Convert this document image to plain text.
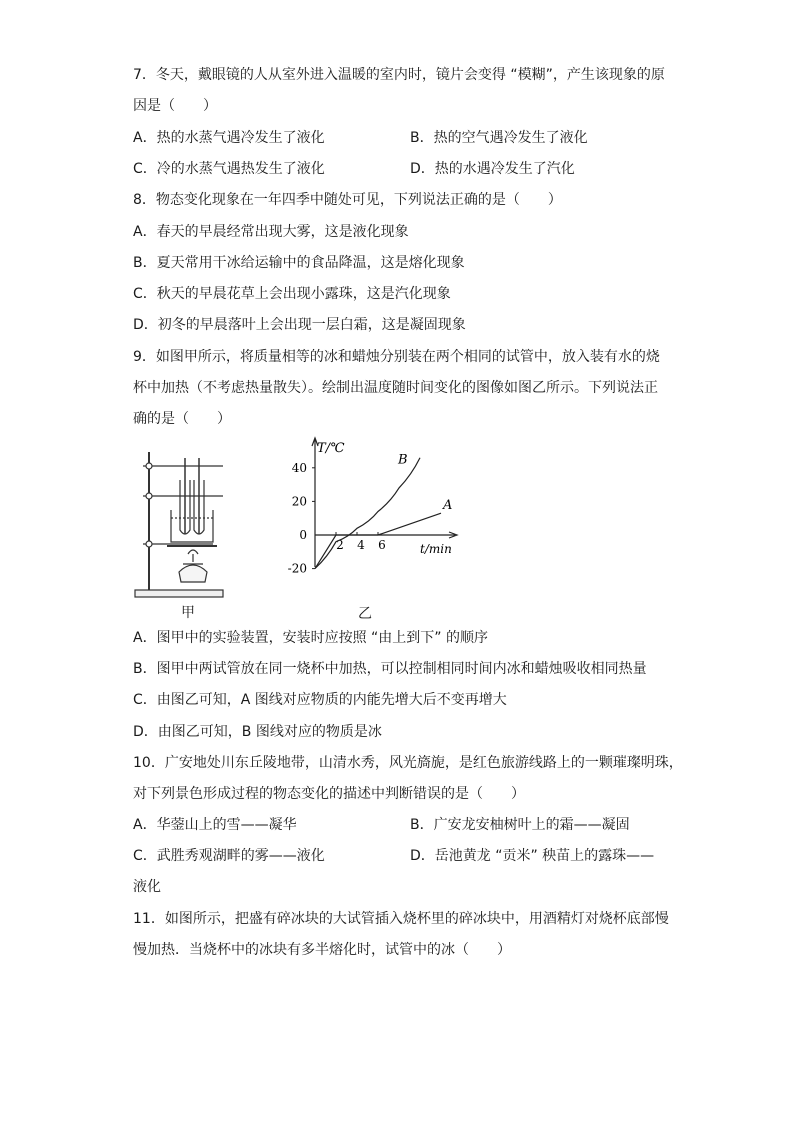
7．冬天，戴眼镜的人从室外进入温暖的室内时，镜片会变得 “模糊”，产生该现象的原
因是（　　）
A．热的水蒸气遇冷发生了液化	B．热的空气遇冷发生了液化
C．冷的水蒸气遇热发生了液化	D．热的水遇冷发生了汽化
8．物态变化现象在一年四季中随处可见，下列说法正确的是（　　）
A．春天的早晨经常出现大雾，这是液化现象
B．夏天常用干冰给运输中的食品降温，这是熔化现象
C．秋天的早晨花草上会出现小露珠，这是汽化现象
D．初冬的早晨落叶上会出现一层白霜，这是凝固现象
9．如图甲所示，将质量相等的冰和蜡烛分别装在两个相同的试管中，放入装有水的烧
杯中加热（不考虑热量散失）。绘制出温度随时间变化的图像如图乙所示。下列说法正
确的是（　　）
甲
T/℃
t/min
40
20
0
-20
2 4 6
A
B
乙
A．图甲中的实验装置，安装时应按照 “由上到下” 的顺序
B．图甲中两试管放在同一烧杯中加热，可以控制相同时间内冰和蜡烛吸收相同热量
C．由图乙可知，A 图线对应物质的内能先增大后不变再增大
D．由图乙可知，B 图线对应的物质是冰
10．广安地处川东丘陵地带，山清水秀，风光旖旎，是红色旅游线路上的一颗璀璨明珠，
对下列景色形成过程的物态变化的描述中判断错误的是（　　）
A．华蓥山上的雪——凝华	B．广安龙安柚树叶上的霜——凝固
C．武胜秀观湖畔的雾——液化	D．岳池黄龙 “贡米” 秧苗上的露珠——
液化
11．如图所示，把盛有碎冰块的大试管插入烧杯里的碎冰块中，用酒精灯对烧杯底部慢
慢加热．当烧杯中的冰块有多半熔化时，试管中的冰（　　）
